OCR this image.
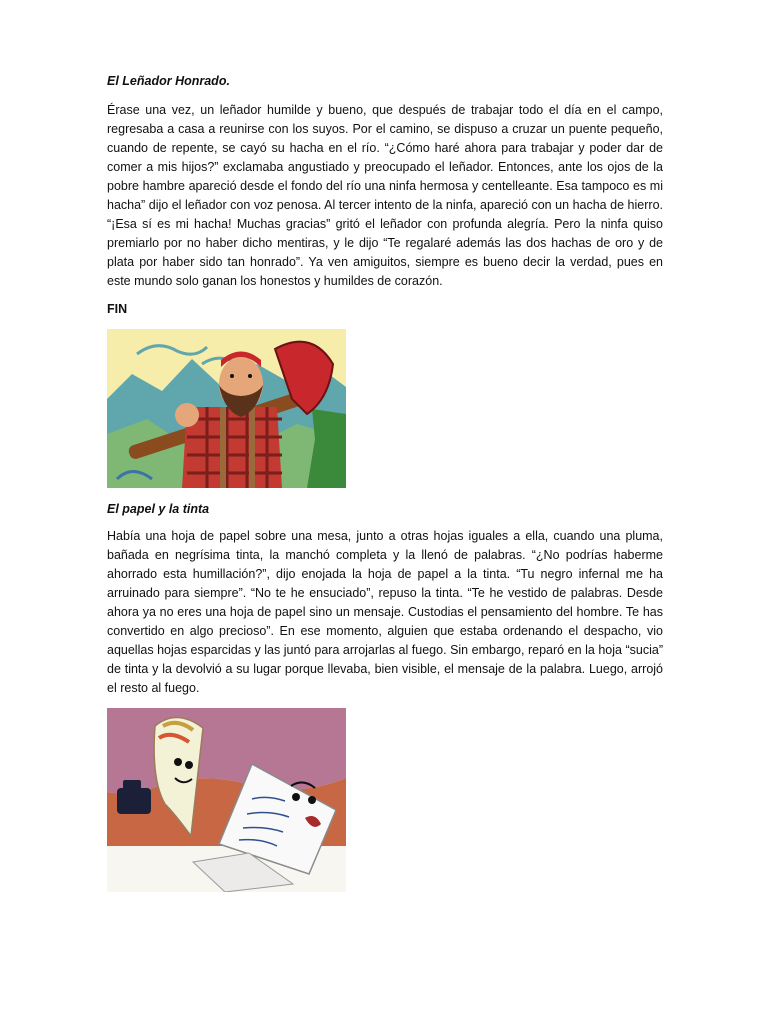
El Leñador Honrado.
Érase una vez, un leñador humilde y bueno, que después de trabajar todo el día en el campo, regresaba a casa a reunirse con los suyos. Por el camino, se dispuso a cruzar un puente pequeño, cuando de repente, se cayó su hacha en el río. “¿Cómo haré ahora para trabajar y poder dar de comer a mis hijos?” exclamaba angustiado y preocupado el leñador. Entonces, ante los ojos de la pobre hambre apareció desde el fondo del río una ninfa hermosa y centelleante. Esa tampoco es mi hacha” dijo el leñador con voz penosa. Al tercer intento de la ninfa, apareció con un hacha de hierro. “¡Esa sí es mi hacha! Muchas gracias” gritó el leñador con profunda alegría. Pero la ninfa quiso premiarlo por no haber dicho mentiras, y le dijo “Te regalaré además las dos hachas de oro y de plata por haber sido tan honrado”. Ya ven amiguitos, siempre es bueno decir la verdad, pues en este mundo solo ganan los honestos y humildes de corazón.
FIN
El papel y la tinta
Había una hoja de papel sobre una mesa, junto a otras hojas iguales a ella, cuando una pluma, bañada en negrísima tinta, la manchó completa y la llenó de palabras. “¿No podrías haberme ahorrado esta humillación?”, dijo enojada la hoja de papel a la tinta. “Tu negro infernal me ha arruinado para siempre”. “No te he ensuciado”, repuso la tinta. “Te he vestido de palabras. Desde ahora ya no eres una hoja de papel sino un mensaje. Custodias el pensamiento del hombre. Te has convertido en algo precioso”. En ese momento, alguien que estaba ordenando el despacho, vio aquellas hojas esparcidas y las juntó para arrojarlas al fuego. Sin embargo, reparó en la hoja “sucia” de tinta y la devolvió a su lugar porque llevaba, bien visible, el mensaje de la palabra. Luego, arrojó el resto al fuego.
